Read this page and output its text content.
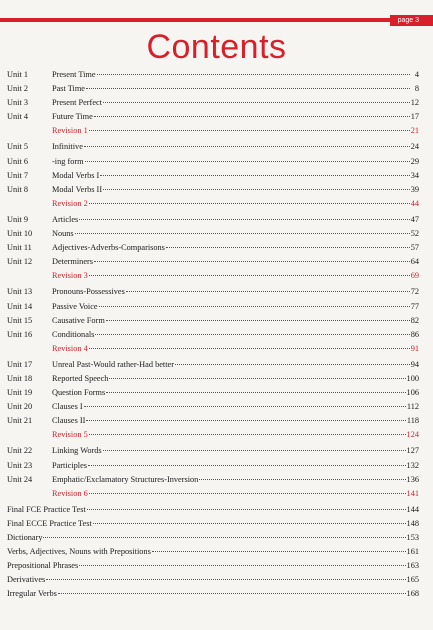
page 3
Contents
Unit 1	Present Time	4
Unit 2	Past Time	8
Unit 3	Present Perfect	12
Unit 4	Future Time	17
Revision 1	21
Unit 5	Infinitive	24
Unit 6	-ing form	29
Unit 7	Modal Verbs I	34
Unit 8	Modal Verbs II	39
Revision 2	44
Unit 9	Articles	47
Unit 10	Nouns	52
Unit 11	Adjectives-Adverbs-Comparisons	57
Unit 12	Determiners	64
Revision 3	69
Unit 13	Pronouns-Possessives	72
Unit 14	Passive Voice	77
Unit 15	Causative Form	82
Unit 16	Conditionals	86
Revision 4	91
Unit 17	Unreal Past-Would rather-Had better	94
Unit 18	Reported Speech	100
Unit 19	Question Forms	106
Unit 20	Clauses I	112
Unit 21	Clauses II	118
Revision 5	124
Unit 22	Linking Words	127
Unit 23	Participles	132
Unit 24	Emphatic/Exclamatory Structures-Inversion	136
Revision 6	141
Final FCE Practice Test	144
Final ECCE Practice Test	148
Dictionary	153
Verbs, Adjectives, Nouns with Prepositions	161
Prepositional Phrases	163
Derivatives	165
Irregular Verbs	168
